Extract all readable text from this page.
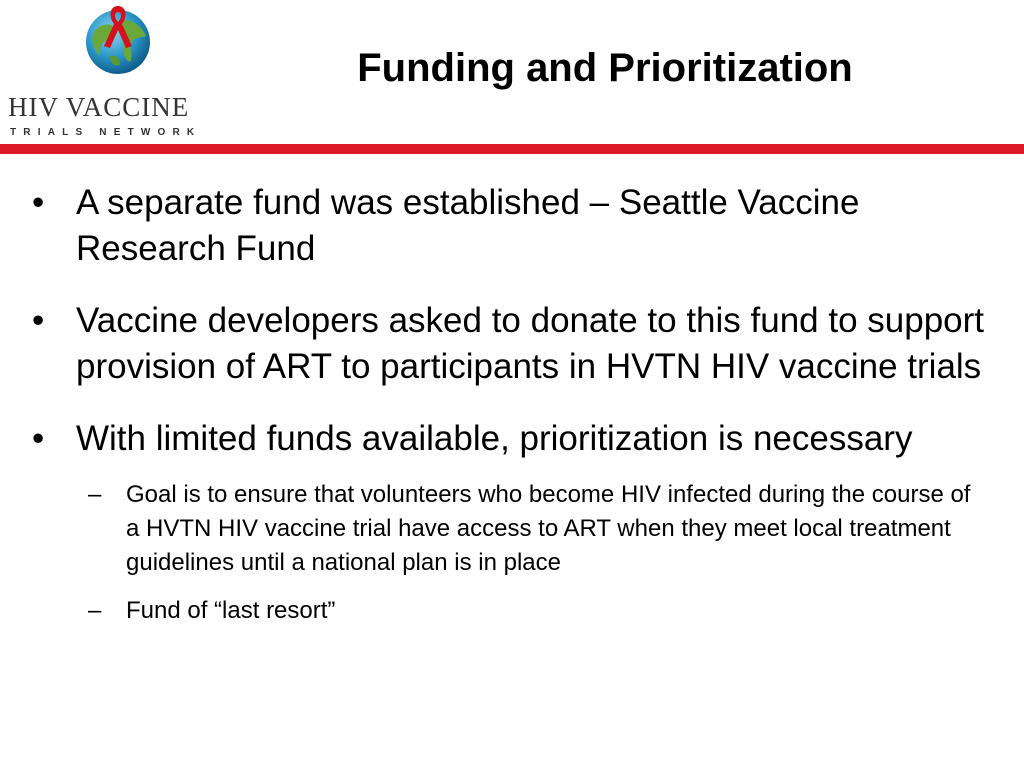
HIV VACCINE
TRIALS NETWORK
Funding and Prioritization
• A separate fund was established – Seattle Vaccine Research Fund
• Vaccine developers asked to donate to this fund to support provision of ART to participants in HVTN HIV vaccine trials
• With limited funds available, prioritization is necessary
–	Goal is to ensure that volunteers who become HIV infected during the course of a HVTN HIV vaccine trial have access to ART when they meet local treatment guidelines until a national plan is in place
–	Fund of “last resort”
